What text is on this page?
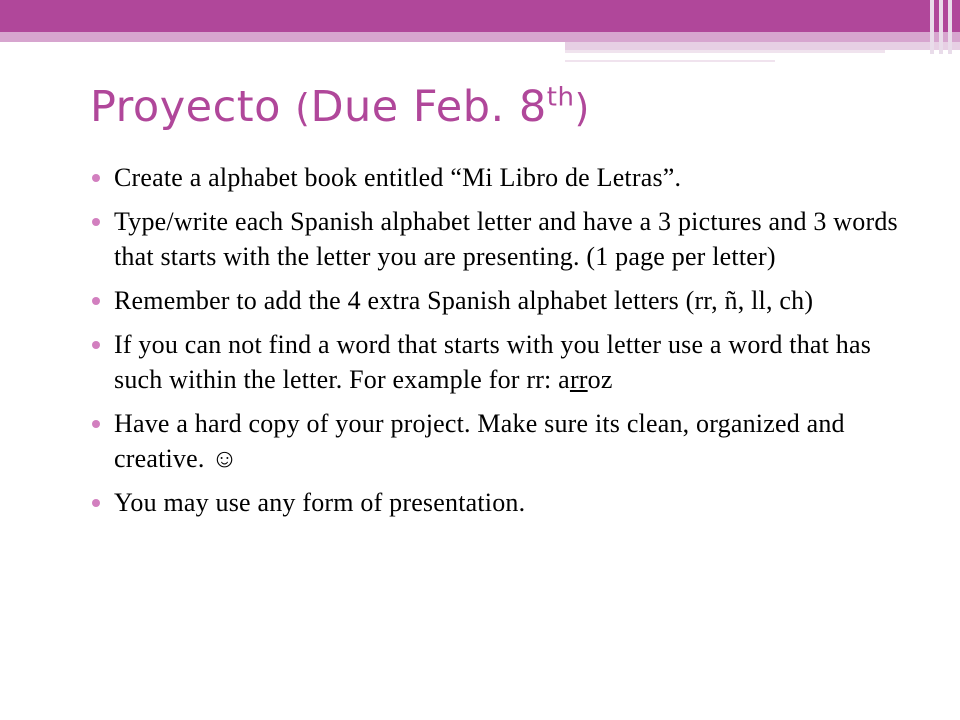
Proyecto (Due Feb. 8th)
Create a alphabet book entitled “Mi Libro de Letras”.
Type/write each Spanish alphabet letter and have a 3 pictures and 3 words that starts with the letter you are presenting. (1 page per letter)
Remember to add the 4 extra Spanish alphabet letters (rr, ñ, ll, ch)
If you can not find a word that starts with you letter use a word that has such within the letter. For example for rr: arroz
Have a hard copy of your project. Make sure its clean, organized and creative. ☺
You may use any form of presentation.
